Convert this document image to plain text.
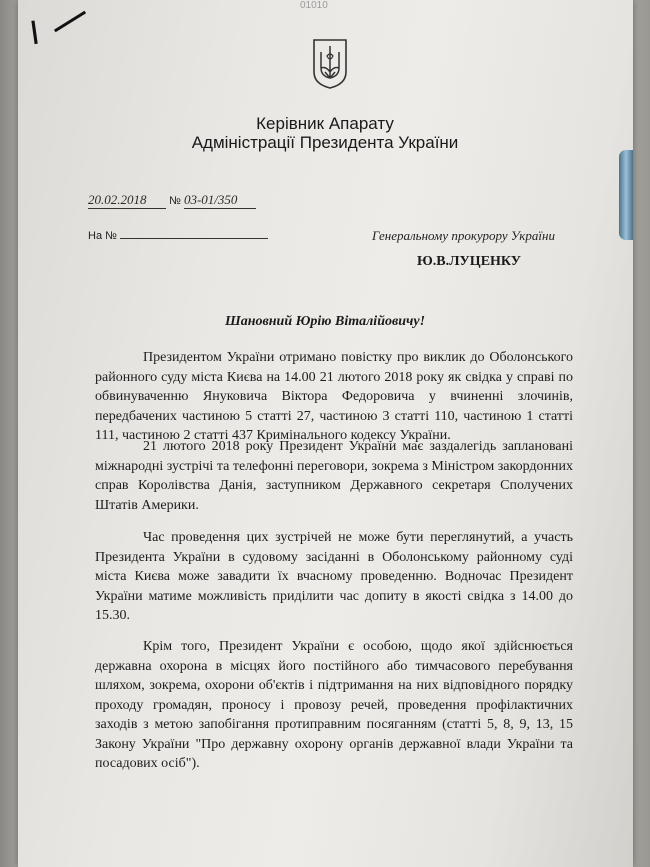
01010
I
Керівник Апарату
Адміністрації Президента України
20.02.2018 № 03-01/350
На №	Генеральному прокурору України
Ю.В.ЛУЦЕНКУ
Шановний Юрію Віталійовичу!
Президентом України отримано повістку про виклик до Оболонського районного суду міста Києва на 14.00 21 лютого 2018 року як свідка у справі по обвинуваченню Януковича Віктора Федоровича у вчиненні злочинів, передбачених частиною 5 статті 27, частиною 3 статті 110, частиною 1 статті 111, частиною 2 статті 437 Кримінального кодексу України.
21 лютого 2018 року Президент України має заздалегідь заплановані міжнародні зустрічі та телефонні переговори, зокрема з Міністром закордонних справ Королівства Данія, заступником Державного секретаря Сполучених Штатів Америки.
Час проведення цих зустрічей не може бути переглянутий, а участь Президента України в судовому засіданні в Оболонському районному суді міста Києва може завадити їх вчасному проведенню. Водночас Президент України матиме можливість приділити час допиту в якості свідка з 14.00 до 15.30.
Крім того, Президент України є особою, щодо якої здійснюється державна охорона в місцях його постійного або тимчасового перебування шляхом, зокрема, охорони об'єктів і підтримання на них відповідного порядку проходу громадян, проносу і провозу речей, проведення профілактичних заходів з метою запобігання протиправним посяганням (статті 5, 8, 9, 13, 15 Закону України "Про державну охорону органів державної влади України та посадових осіб").
